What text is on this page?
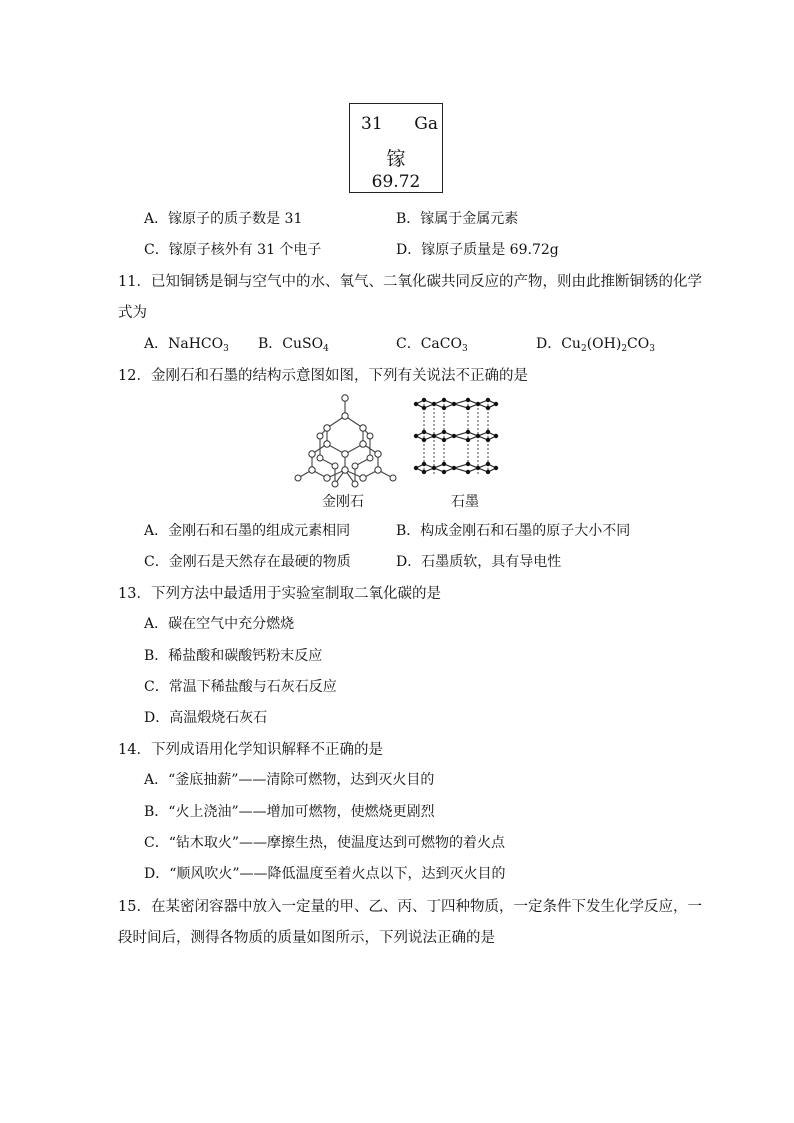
31 Ga
镓
69.72
A．镓原子的质子数是 31	B．镓属于金属元素
C．镓原子核外有 31 个电子	D．镓原子质量是 69.72g
11．已知铜锈是铜与空气中的水、氧气、二氧化碳共同反应的产物，则由此推断铜锈的化学
式为
A．NaHCO$_3$ B．CuSO$_4$	C．CaCO$_3$	D．$Cu_2(OH)_2CO_3$
12．金刚石和石墨的结构示意图如图，下列有关说法不正确的是
金刚石	石墨
A．金刚石和石墨的组成元素相同	B．构成金刚石和石墨的原子大小不同
C．金刚石是天然存在最硬的物质	D．石墨质软，具有导电性
13．下列方法中最适用于实验室制取二氧化碳的是
A．碳在空气中充分燃烧
B．稀盐酸和碳酸钙粉末反应
C．常温下稀盐酸与石灰石反应
D．高温煅烧石灰石
14．下列成语用化学知识解释不正确的是
A．“釜底抽薪”——清除可燃物，达到灭火目的
B．“火上浇油”——增加可燃物，使燃烧更剧烈
C．“钻木取火”——摩擦生热，使温度达到可燃物的着火点
D．“顺风吹火”——降低温度至着火点以下，达到灭火目的
15．在某密闭容器中放入一定量的甲、乙、丙、丁四种物质，一定条件下发生化学反应，一
段时间后，测得各物质的质量如图所示，下列说法正确的是
